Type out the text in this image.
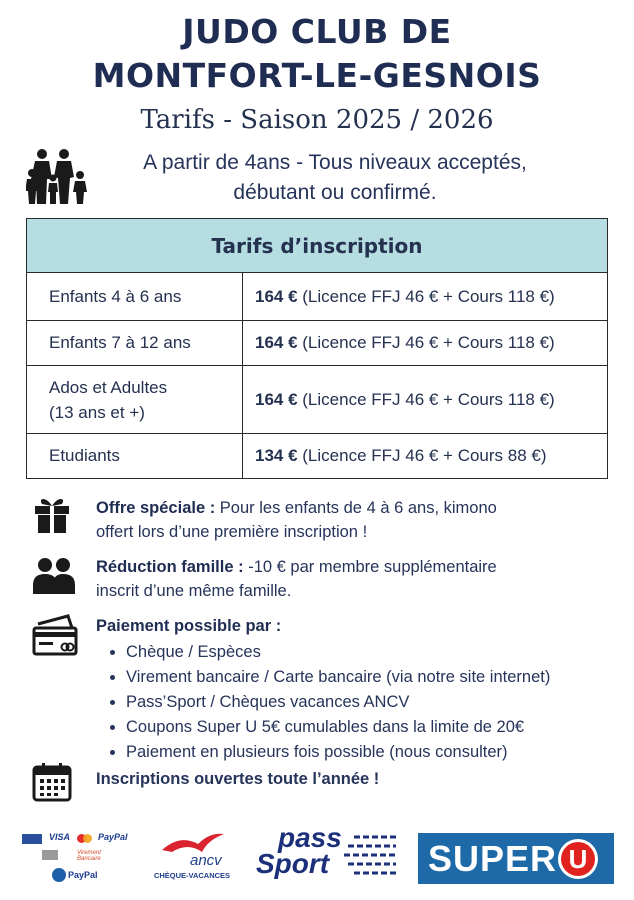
JUDO CLUB DE
MONTFORT-LE-GESNOIS
Tarifs - Saison 2025 / 2026
A partir de 4ans - Tous niveaux acceptés,
débutant ou confirmé.
Tarifs d’inscription	
Enfants 4 à 6 ans	164 € (Licence FFJ 46 € + Cours 118 €)
Enfants 7 à 12 ans	164 € (Licence FFJ 46 € + Cours 118 €)

Ados et Adultes
(13 ans et +)	164 € (Licence FFJ 46 € + Cours 118 €)
Etudiants	134 € (Licence FFJ 46 € + Cours 88 €)
Offre spéciale : Pour les enfants de 4 à 6 ans, kimono
offert lors d’une première inscription !
Réduction famille : -10 € par membre supplémentaire
inscrit d’une même famille.
Paiement possible par :
• Chèque / Espèces
• Virement bancaire / Carte bancaire (via notre site internet)
• Pass’Sport / Chèques vacances ANCV
• Coupons Super U 5€ cumulables dans la limite de 20€
• Paiement en plusieurs fois possible (nous consulter)
Inscriptions ouvertes toute l’année !
VISA	PayPal
Virement Bancaire
PayPal
ancv
CHÈQUE-VACANCES
pass
Sport	SUPER U
